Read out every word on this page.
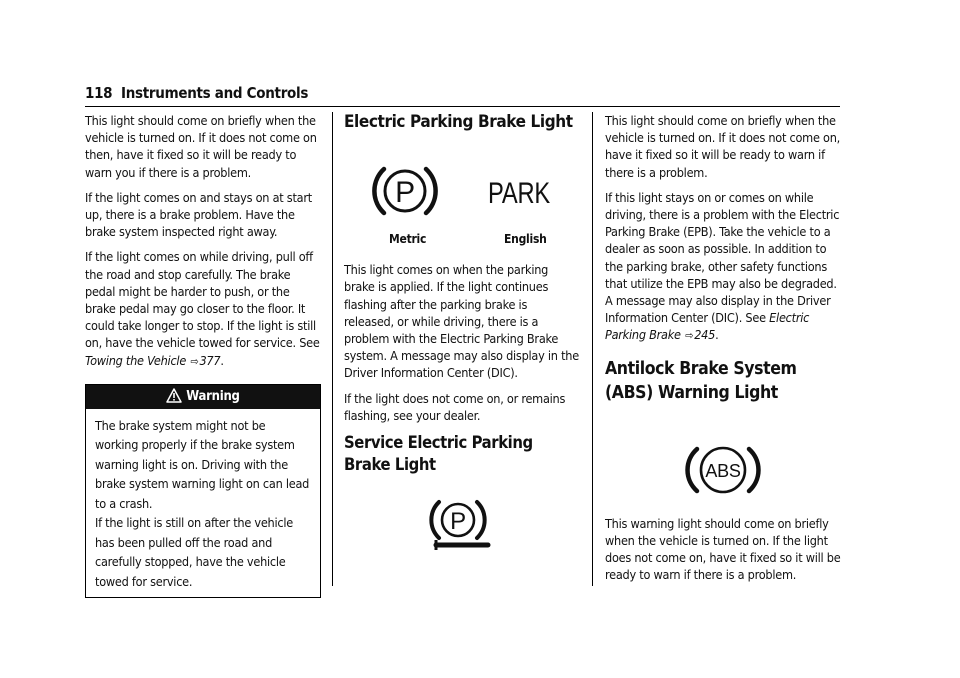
118 Instruments and Controls

This light should come on briefly when the vehicle is turned on. If it does not come on then, have it fixed so it will be ready to warn you if there is a problem.

If the light comes on and stays on at start up, there is a brake problem. Have the brake system inspected right away.

If the light comes on while driving, pull off the road and stop carefully. The brake pedal might be harder to push, or the brake pedal may go closer to the floor. It could take longer to stop. If the light is still on, have the vehicle towed for service. See Towing the Vehicle ⇨377.

Warning

The brake system might not be working properly if the brake system warning light is on. Driving with the brake system warning light on can lead to a crash.

If the light is still on after the vehicle has been pulled off the road and carefully stopped, have the vehicle towed for service.

Electric Parking Brake Light
P PARK
Metric	English

This light comes on when the parking brake is applied. If the light continues flashing after the parking brake is released, or while driving, there is a problem with the Electric Parking Brake system. A message may also display in the Driver Information Center (DIC).

If the light does not come on, or remains flashing, see your dealer.

Service Electric Parking Brake Light
P

This light should come on briefly when the vehicle is turned on. If it does not come on, have it fixed so it will be ready to warn if there is a problem.

If this light stays on or comes on while driving, there is a problem with the Electric Parking Brake (EPB). Take the vehicle to a dealer as soon as possible. In addition to the parking brake, other safety functions that utilize the EPB may also be degraded.

A message may also display in the Driver Information Center (DIC). See Electric Parking Brake ⇨245.

Antilock Brake System (ABS) Warning Light
ABS

This warning light should come on briefly when the vehicle is turned on. If the light does not come on, have it fixed so it will be ready to warn if there is a problem.
